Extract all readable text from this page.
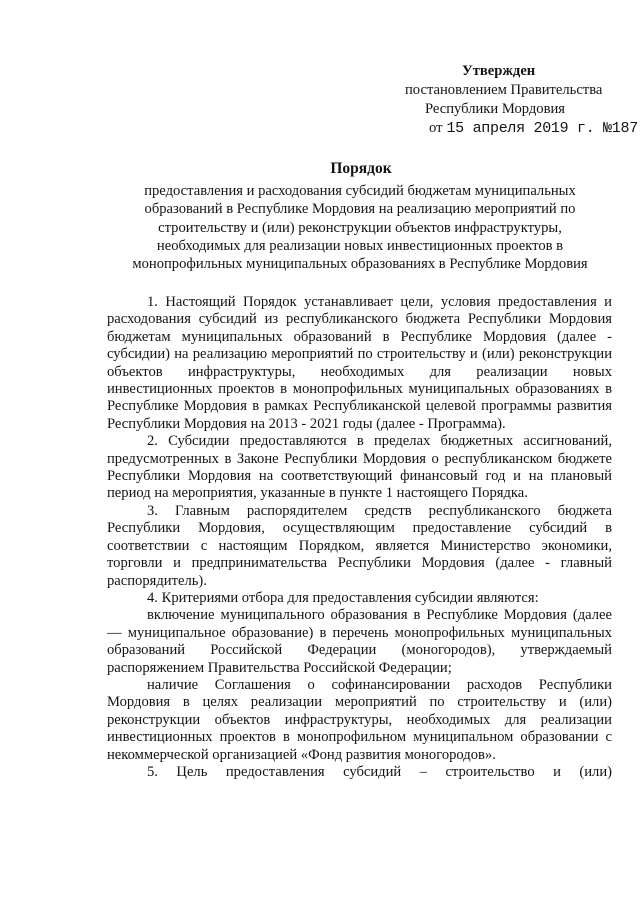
Утвержден
постановлением Правительства
Республики Мордовия
от 15 апреля 2019 г. №187
Порядок
предоставления и расходования субсидий бюджетам муниципальных
образований в Республике Мордовия на реализацию мероприятий по
строительству и (или) реконструкции объектов инфраструктуры,
необходимых для реализации новых инвестиционных проектов в
монопрофильных муниципальных образованиях в Республике Мордовия

1. Настоящий Порядок устанавливает цели, условия предоставления и расходования субсидий из республиканского бюджета Республики Мордовия бюджетам муниципальных образований в Республике Мордовия (далее - субсидии) на реализацию мероприятий по строительству и (или) реконструкции объектов инфраструктуры, необходимых для реализации новых инвестиционных проектов в монопрофильных муниципальных образованиях в Республике Мордовия в рамках Республиканской целевой программы развития Республики Мордовия на 2013 - 2021 годы (далее - Программа).

2. Субсидии предоставляются в пределах бюджетных ассигнований, предусмотренных в Законе Республики Мордовия о республиканском бюджете Республики Мордовия на соответствующий финансовый год и на плановый период на мероприятия, указанные в пункте 1 настоящего Порядка.

3. Главным распорядителем средств республиканского бюджета Республики Мордовия, осуществляющим предоставление субсидий в соответствии с настоящим Порядком, является Министерство экономики, торговли и предпринимательства Республики Мордовия (далее - главный распорядитель).

4. Критериями отбора для предоставления субсидии являются:

включение муниципального образования в Республике Мордовия (далее — муниципальное образование) в перечень монопрофильных муниципальных образований Российской Федерации (моногородов), утверждаемый распоряжением Правительства Российской Федерации;

наличие Соглашения о софинансировании расходов Республики Мордовия в целях реализации мероприятий по строительству и (или) реконструкции объектов инфраструктуры, необходимых для реализации инвестиционных проектов в монопрофильном муниципальном образовании с некоммерческой организацией «Фонд развития моногородов».

5. Цель предоставления субсидий – строительство и (или)
